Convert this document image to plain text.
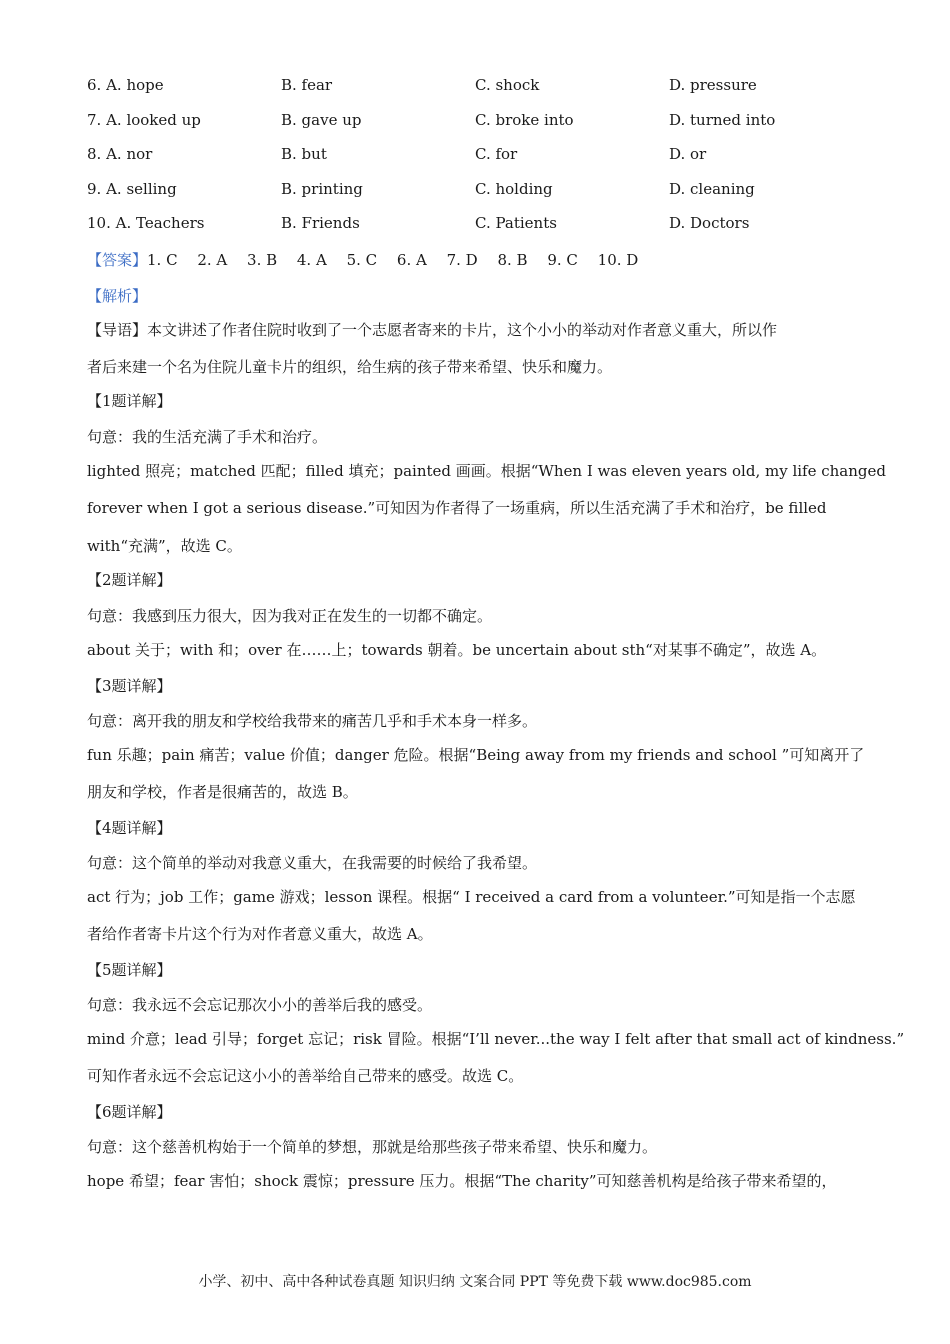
6. A. hope	B. fear	C. shock	D. pressure
7. A. looked up	B. gave up	C. broke into	D. turned into
8. A. nor	B. but	C. for	D. or
9. A. selling	B. printing	C. holding	D. cleaning
10. A. Teachers	B. Friends	C. Patients	D. Doctors
【答案】1. C　 2. A　 3. B　 4. A　 5. C　 6. A　 7. D　 8. B　 9. C　 10. D
【解析】
【导语】本文讲述了作者住院时收到了一个志愿者寄来的卡片，这个小小的举动对作者意义重大，所以作
者后来建一个名为住院儿童卡片的组织，给生病的孩子带来希望、快乐和魔力。
【1题详解】
句意：我的生活充满了手术和治疗。
lighted 照亮；matched 匹配；filled 填充；painted 画画。根据“When I was eleven years old, my life changed
forever when I got a serious disease.”可知因为作者得了一场重病，所以生活充满了手术和治疗，be filled
with“充满”，故选 C。
【2题详解】
句意：我感到压力很大，因为我对正在发生的一切都不确定。
about 关于；with 和；over 在……上；towards 朝着。be uncertain about sth“对某事不确定”，故选 A。
【3题详解】
句意：离开我的朋友和学校给我带来的痛苦几乎和手术本身一样多。
fun 乐趣；pain 痛苦；value 价值；danger 危险。根据“Being away from my friends and school ”可知离开了
朋友和学校，作者是很痛苦的，故选 B。
【4题详解】
句意：这个简单的举动对我意义重大，在我需要的时候给了我希望。
act 行为；job 工作；game 游戏；lesson 课程。根据“ I received a card from a volunteer.”可知是指一个志愿
者给作者寄卡片这个行为对作者意义重大，故选 A。
【5题详解】
句意：我永远不会忘记那次小小的善举后我的感受。
mind 介意；lead 引导；forget 忘记；risk 冒险。根据“I’ll never...the way I felt after that small act of kindness.”
可知作者永远不会忘记这小小的善举给自己带来的感受。故选 C。
【6题详解】
句意：这个慈善机构始于一个简单的梦想，那就是给那些孩子带来希望、快乐和魔力。
hope 希望；fear 害怕；shock 震惊；pressure 压力。根据“The charity”可知慈善机构是给孩子带来希望的，
小学、初中、高中各种试卷真题 知识归纳 文案合同 PPT 等免费下载 www.doc985.com
